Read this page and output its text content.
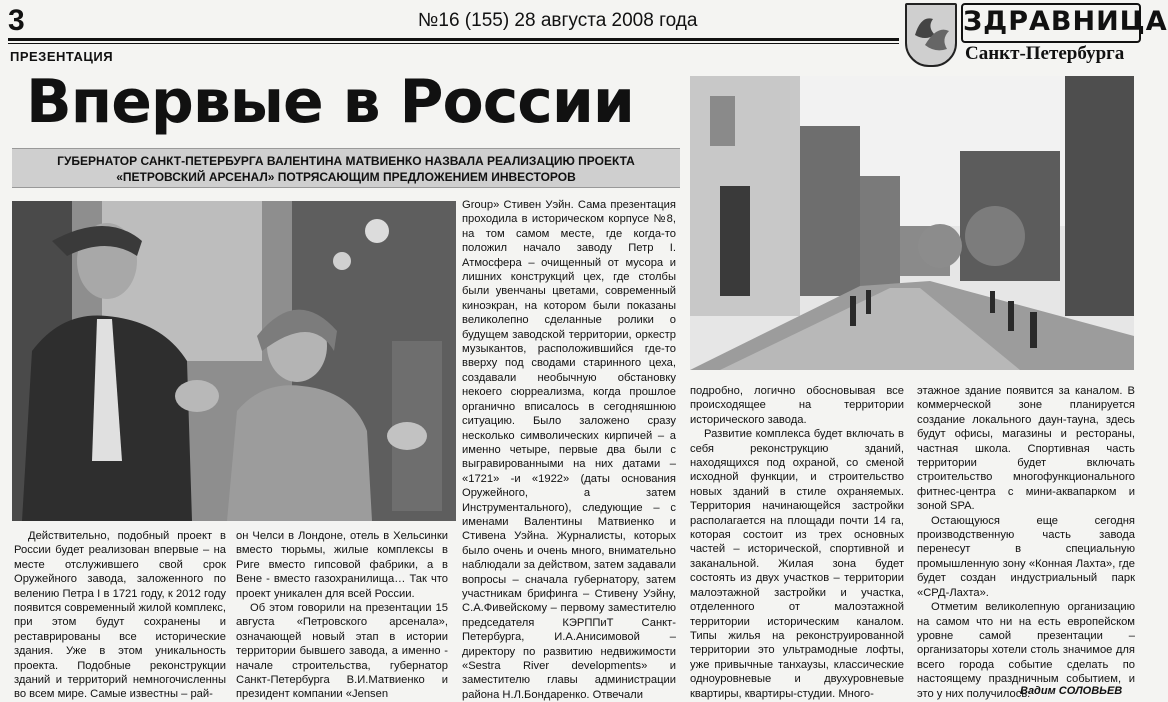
3	№16 (155) 28 августа 2008 года	ЗДРАВНИЦА
Санкт-Петербурга
ПРЕЗЕНТАЦИЯ
Впервые в России
ГУБЕРНАТОР САНКТ-ПЕТЕРБУРГА ВАЛЕНТИНА МАТВИЕНКО НАЗВАЛА РЕАЛИЗАЦИЮ ПРОЕКТА
«ПЕТРОВСКИЙ АРСЕНАЛ» ПОТРЯСАЮЩИМ ПРЕДЛОЖЕНИЕМ ИНВЕСТОРОВ

Действительно, подобный проект в России будет реализован впервые – на месте отслужившего свой срок Оружейного завода, заложенного по велению Петра I в 1721 году, к 2012 году появится современный жилой комплекс, при этом будут сохранены и реставрированы все исторические здания. Уже в этом уникальность проекта. Подобные реконструкции зданий и территорий немногочисленны во всем мире. Самые известны – рай-

он Челси в Лондоне, отель в Хельсинки вместо тюрьмы, жилые комплексы в Риге вместо гипсовой фабрики, а в Вене - вместо газохранилища… Так что проект уникален для всей России.

Об этом говорили на презентации 15 августа «Петровского арсенала», означающей новый этап в истории территории бывшего завода, а именно - начале строительства, губернатор Санкт-Петербурга В.И.Матвиенко и президент компании «Jensen

Group» Стивен Уэйн. Сама презентация проходила в историческом корпусе №8, на том самом месте, где когда-то положил начало заводу Петр I. Атмосфера – очищенный от мусора и лишних конструкций цех, где столбы были увенчаны цветами, современный киноэкран, на котором были показаны великолепно сделанные ролики о будущем заводской территории, оркестр музыкантов, расположившийся где-то вверху под сводами старинного цеха, создавали необычную обстановку некоего сюрреализма, когда прошлое органично вписалось в сегодняшнюю ситуацию. Было заложено сразу несколько символических кирпичей – а именно четыре, первые два были с выгравированными на них датами – «1721» -и «1922» (даты основания Оружейного, а затем Инструментального), следующие – с именами Валентины Матвиенко и Стивена Уэйна. Журналисты, которых было очень и очень много, внимательно наблюдали за действом, затем задавали вопросы – сначала губернатору, затем участникам брифинга – Стивену Уэйну, С.А.Фивейскому – первому заместителю председателя КЭРППиТ Санкт-Петербурга, И.А.Анисимовой – директору по развитию недвижимости «Sestra River developments» и заместителю главы администрации района Н.Л.Бондаренко. Отвечали

подробно, логично обосновывая все происходящее на территории исторического завода.

Развитие комплекса будет включать в себя реконструкцию зданий, находящихся под охраной, со сменой исходной функции, и строительство новых зданий в стиле охраняемых. Территория начинающейся застройки располагается на площади почти 14 га, которая состоит из трех основных частей – исторической, спортивной и заканальной. Жилая зона будет состоять из двух участков – территории малоэтажной застройки и участка, отделенного от малоэтажной территории историческим каналом. Типы жилья на реконструированной территории это ультрамодные лофты, уже привычные танхаузы, классические одноуровневые и двухуровневые квартиры, квартиры-студии. Много-

этажное здание появится за каналом. В коммерческой зоне планируется создание локального даун-тауна, здесь будут офисы, магазины и рестораны, частная школа. Спортивная часть территории будет включать строительство многофункционального фитнес-центра с мини-аквапарком и зоной SPA.

Остающуюся еще сегодня производственную часть завода перенесут в специальную промышленную зону «Конная Лахта», где будет создан индустриальный парк «СРД-Лахта».

Отметим великолепную организацию на самом что ни на есть европейском уровне самой презентации – организаторы хотели столь значимое для всего города событие сделать по настоящему праздничным событием, и это у них получилось.

Вадим СОЛОВЬЕВ
